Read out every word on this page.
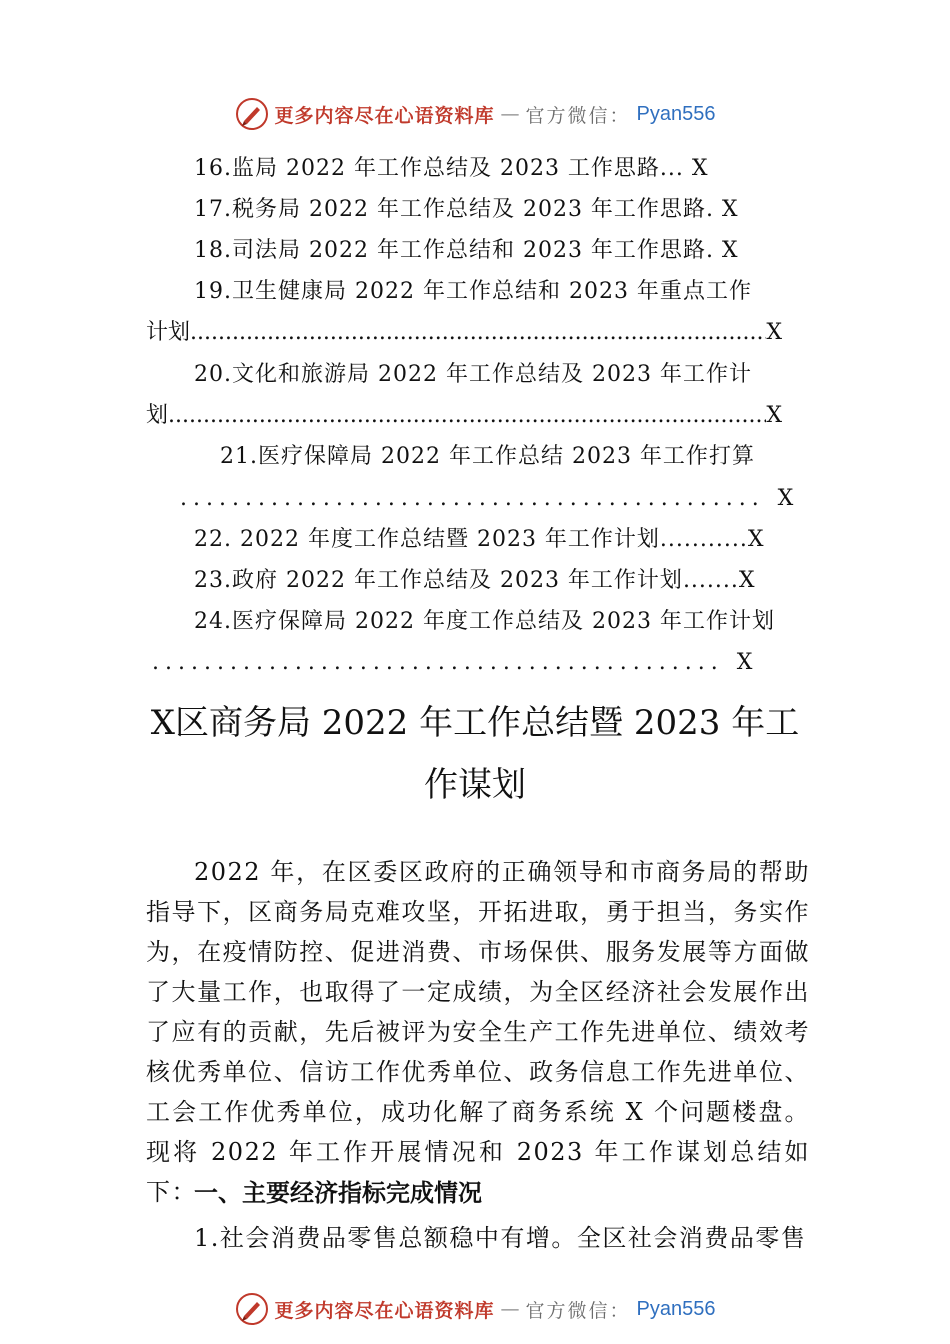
更多内容尽在心语资料库 — 官方微信： Pyan556
16.监局 2022 年工作总结及 2023 工作思路... X
17.税务局 2022 年工作总结及 2023 年工作思路. X
18.司法局 2022 年工作总结和 2023 年工作思路. X
19.卫生健康局 2022 年工作总结和 2023 年重点工作
计划 .....	X
20.文化和旅游局 2022 年工作总结及 2023 年工作计
划 .....	X
21.医疗保障局 2022 年工作总结 2023 年工作打算
............................................. X
22. 2022 年度工作总结暨 2023 年工作计划...........X
23.政府 2022 年工作总结及 2023 年工作计划.......X
24.医疗保障局 2022 年度工作总结及 2023 年工作计划
............................................ X
X区商务局 2022 年工作总结暨 2023 年工
作谋划

2022 年，在区委区政府的正确领导和市商务局的帮助指导下，区商务局克难攻坚，开拓进取，勇于担当，务实作为，在疫情防控、促进消费、市场保供、服务发展等方面做了大量工作，也取得了一定成绩，为全区经济社会发展作出了应有的贡献，先后被评为安全生产工作先进单位、绩效考核优秀单位、信访工作优秀单位、政务信息工作先进单位、工会工作优秀单位，成功化解了商务系统 X 个问题楼盘。现将 2022 年工作开展情况和 2023 年工作谋划总结如下：

一、主要经济指标完成情况
1.社会消费品零售总额稳中有增。全区社会消费品零售
更多内容尽在心语资料库 — 官方微信： Pyan556
